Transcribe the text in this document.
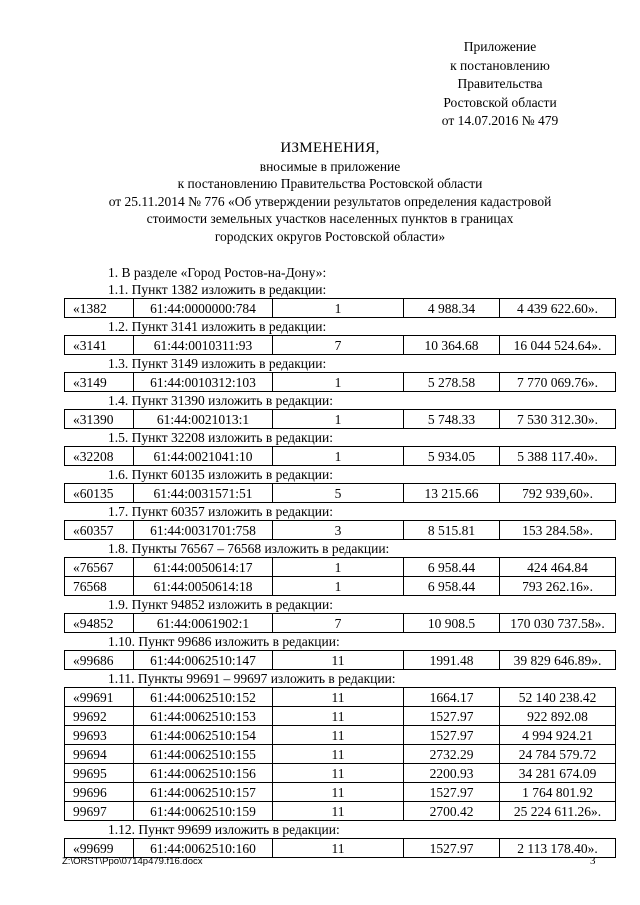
Приложение
к постановлению
Правительства
Ростовской области
от 14.07.2016 № 479
ИЗМЕНЕНИЯ,
вносимые в приложение
к постановлению Правительства Ростовской области
от 25.11.2014 № 776 «Об утверждении результатов определения кадастровой
стоимости земельных участков населенных пунктов в границах
городских округов Ростовской области»
1. В разделе «Город Ростов-на-Дону»:
1.1. Пункт 1382 изложить в редакции:
«1382	61:44:0000000:784	1	4 988.34	4 439 622.60».
1.2. Пункт 3141 изложить в редакции:
«3141	61:44:0010311:93	7	10 364.68	16 044 524.64».
1.3. Пункт 3149 изложить в редакции:
«3149	61:44:0010312:103	1	5 278.58	7 770 069.76».
1.4. Пункт 31390 изложить в редакции:
«31390	61:44:0021013:1	1	5 748.33	7 530 312.30».
1.5. Пункт 32208 изложить в редакции:
«32208	61:44:0021041:10	1	5 934.05	5 388 117.40».
1.6. Пункт 60135 изложить в редакции:
«60135	61:44:0031571:51	5	13 215.66	792 939,60».
1.7. Пункт 60357 изложить в редакции:
«60357	61:44:0031701:758	3	8 515.81	153 284.58».
1.8. Пункты 76567 – 76568 изложить в редакции:
«76567	61:44:0050614:17	1	6 958.44	424 464.84
76568	61:44:0050614:18	1	6 958.44	793 262.16».
1.9. Пункт 94852 изложить в редакции:
«94852	61:44:0061902:1	7	10 908.5	170 030 737.58».
1.10. Пункт 99686 изложить в редакции:
«99686	61:44:0062510:147	11	1991.48	39 829 646.89».
1.11. Пункты 99691 – 99697 изложить в редакции:
«99691	61:44:0062510:152	11	1664.17	52 140 238.42
99692	61:44:0062510:153	11	1527.97	922 892.08
99693	61:44:0062510:154	11	1527.97	4 994 924.21
99694	61:44:0062510:155	11	2732.29	24 784 579.72
99695	61:44:0062510:156	11	2200.93	34 281 674.09
99696	61:44:0062510:157	11	1527.97	1 764 801.92
99697	61:44:0062510:159	11	2700.42	25 224 611.26».
1.12. Пункт 99699 изложить в редакции:
«99699	61:44:0062510:160	11	1527.97	2 113 178.40».
Z:\ORST\Ppo\0714p479.f16.docx	3
